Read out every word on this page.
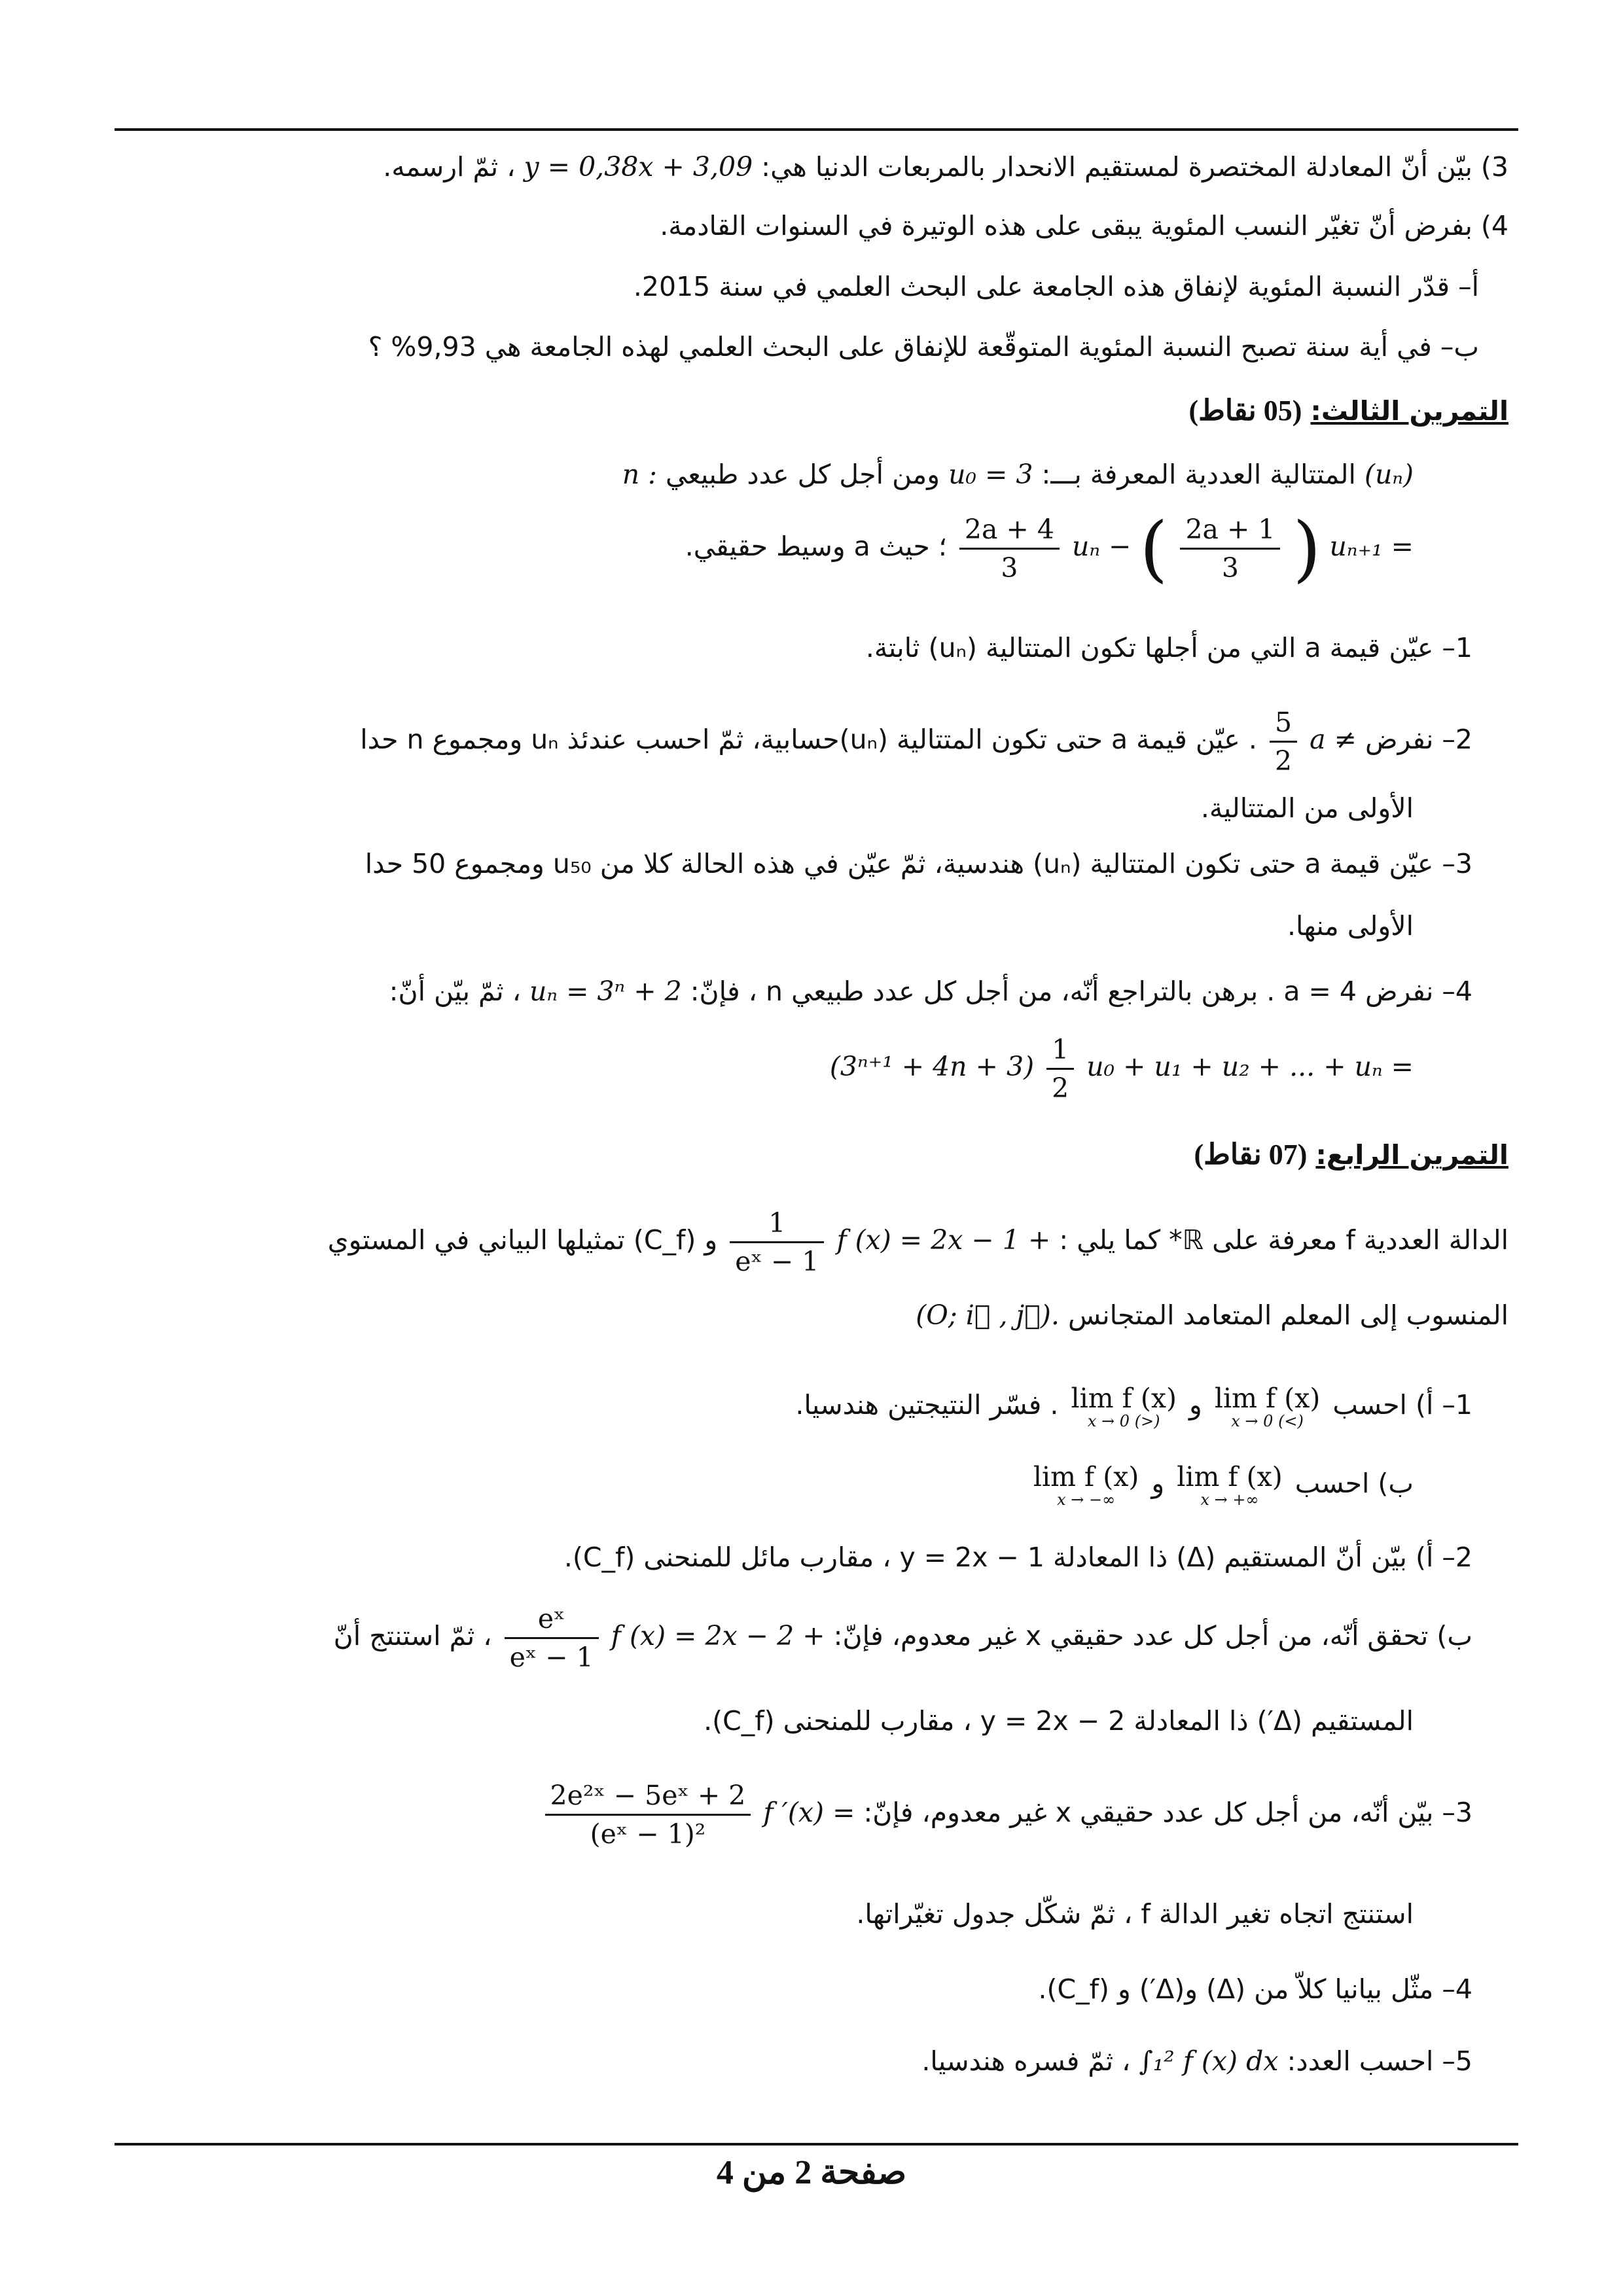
3) بيّن أنّ المعادلة المختصرة لمستقيم الانحدار بالمربعات الدنيا هي: y = 0,38x + 3,09 ، ثمّ ارسمه.
4) بفرض أنّ تغيّر النسب المئوية يبقى على هذه الوتيرة في السنوات القادمة.
أ– قدّر النسبة المئوية لإنفاق هذه الجامعة على البحث العلمي في سنة 2015.
ب– في أية سنة تصبح النسبة المئوية المتوقّعة للإنفاق على البحث العلمي لهذه الجامعة هي 9,93% ؟
التمرين الثالث: (05 نقاط)
(uₙ) المتتالية العددية المعرفة بـــ: u₀ = 3 ومن أجل كل عدد طبيعي n :
uₙ₊₁ = (
$\frac{2a + 1}{3}$
) uₙ −
$\frac{2a + 4}{3}$
؛ حيث a وسيط حقيقي.
1– عيّن قيمة a التي من أجلها تكون المتتالية (uₙ) ثابتة.
2– نفرض a ≠
$\frac{5}{2}$
. عيّن قيمة a حتى تكون المتتالية (uₙ)حسابية، ثمّ احسب عندئذ uₙ ومجموع n حدا
الأولى من المتتالية.
3– عيّن قيمة a حتى تكون المتتالية (uₙ) هندسية، ثمّ عيّن في هذه الحالة كلا من u₅₀ ومجموع 50 حدا
الأولى منها.
4– نفرض a = 4 . برهن بالتراجع أنّه، من أجل كل عدد طبيعي n ، فإنّ: uₙ = 3ⁿ + 2 ، ثمّ بيّن أنّ:
u₀ + u₁ + u₂ + ... + uₙ =
$\frac{1}{2}$
(3ⁿ⁺¹ + 4n + 3)
التمرين الرابع: (07 نقاط)
الدالة العددية f معرفة على ℝ* كما يلي : f (x) = 2x − 1 +
$\frac{1}{\text{eˣ − 1}}$
و (C_f) تمثيلها البياني في المستوي
المنسوب إلى المعلم المتعامد المتجانس (O; i⃗ , j⃗).
1– أ) احسب
lim f (x)
x → 0 (<)
و
lim f (x)
x → 0 (>)
. فسّر النتيجتين هندسيا.
ب) احسب
lim f (x)
x → +∞
و
lim f (x)
x → −∞
2– أ) بيّن أنّ المستقيم (Δ) ذا المعادلة y = 2x − 1 ، مقارب مائل للمنحنى (C_f).
ب) تحقق أنّه، من أجل كل عدد حقيقي x غير معدوم، فإنّ: f (x) = 2x − 2 +
$\frac{\text{eˣ}}{\text{eˣ − 1}}$
، ثمّ استنتج أنّ
المستقيم (Δ′) ذا المعادلة y = 2x − 2 ، مقارب للمنحنى (C_f).
3– بيّن أنّه، من أجل كل عدد حقيقي x غير معدوم، فإنّ: f ′(x) =
$\frac{\text{2e²ˣ − 5eˣ + 2}}{\text{(eˣ − 1)²}}$
استنتج اتجاه تغير الدالة f ، ثمّ شكّل جدول تغيّراتها.
4– مثّل بيانيا كلاّ من (Δ) و(Δ′) و (C_f).
5– احسب العدد: ∫₁² f (x) dx ، ثمّ فسره هندسيا.
صفحة 2 من 4
